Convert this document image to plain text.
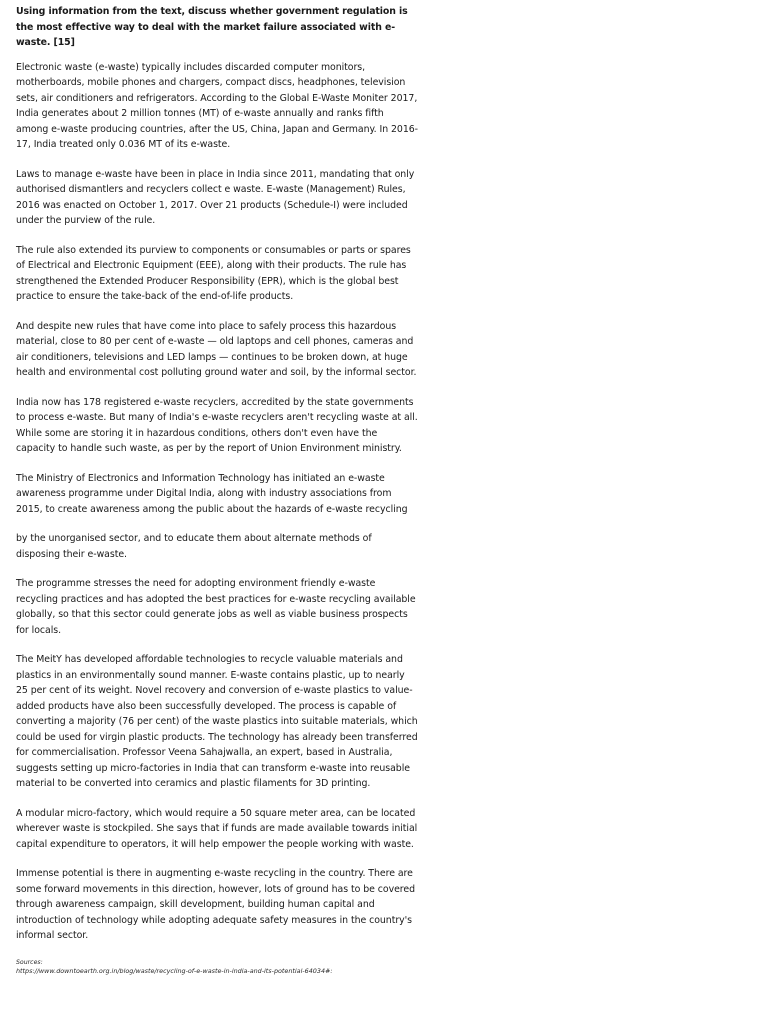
Using information from the text, discuss whether government regulation is the most effective way to deal with the market failure associated with e-waste. [15]

Electronic waste (e-waste) typically includes discarded computer monitors, motherboards, mobile phones and chargers, compact discs, headphones, television sets, air conditioners and refrigerators. According to the Global E-Waste Moniter 2017, India generates about 2 million tonnes (MT) of e-waste annually and ranks fifth among e-waste producing countries, after the US, China, Japan and Germany. In 2016-17, India treated only 0.036 MT of its e-waste.

Laws to manage e-waste have been in place in India since 2011, mandating that only authorised dismantlers and recyclers collect e waste. E-waste (Management) Rules, 2016 was enacted on October 1, 2017. Over 21 products (Schedule-I) were included under the purview of the rule.

The rule also extended its purview to components or consumables or parts or spares of Electrical and Electronic Equipment (EEE), along with their products. The rule has strengthened the Extended Producer Responsibility (EPR), which is the global best practice to ensure the take-back of the end-of-life products.

And despite new rules that have come into place to safely process this hazardous material, close to 80 per cent of e-waste — old laptops and cell phones, cameras and air conditioners, televisions and LED lamps — continues to be broken down, at huge health and environmental cost polluting ground water and soil, by the informal sector.

India now has 178 registered e-waste recyclers, accredited by the state governments to process e-waste. But many of India's e-waste recyclers aren't recycling waste at all. While some are storing it in hazardous conditions, others don't even have the capacity to handle such waste, as per by the report of Union Environment ministry.

The Ministry of Electronics and Information Technology has initiated an e-waste awareness programme under Digital India, along with industry associations from 2015, to create awareness among the public about the hazards of e-waste recycling

by the unorganised sector, and to educate them about alternate methods of disposing their e-waste.

The programme stresses the need for adopting environment friendly e-waste recycling practices and has adopted the best practices for e-waste recycling available globally, so that this sector could generate jobs as well as viable business prospects for locals.

The MeitY has developed affordable technologies to recycle valuable materials and plastics in an environmentally sound manner. E-waste contains plastic, up to nearly 25 per cent of its weight. Novel recovery and conversion of e-waste plastics to value-added products have also been successfully developed. The process is capable of converting a majority (76 per cent) of the waste plastics into suitable materials, which could be used for virgin plastic products. The technology has already been transferred for commercialisation. Professor Veena Sahajwalla, an expert, based in Australia, suggests setting up micro-factories in India that can transform e-waste into reusable material to be converted into ceramics and plastic filaments for 3D printing.

A modular micro-factory, which would require a 50 square meter area, can be located wherever waste is stockpiled. She says that if funds are made available towards initial capital expenditure to operators, it will help empower the people working with waste.

Immense potential is there in augmenting e-waste recycling in the country. There are some forward movements in this direction, however, lots of ground has to be covered through awareness campaign, skill development, building human capital and introduction of technology while adopting adequate safety measures in the country's informal sector.

Sources:
https://www.downtoearth.org.in/blog/waste/recycling-of-e-waste-in-india-and-its-potential-64034#:
